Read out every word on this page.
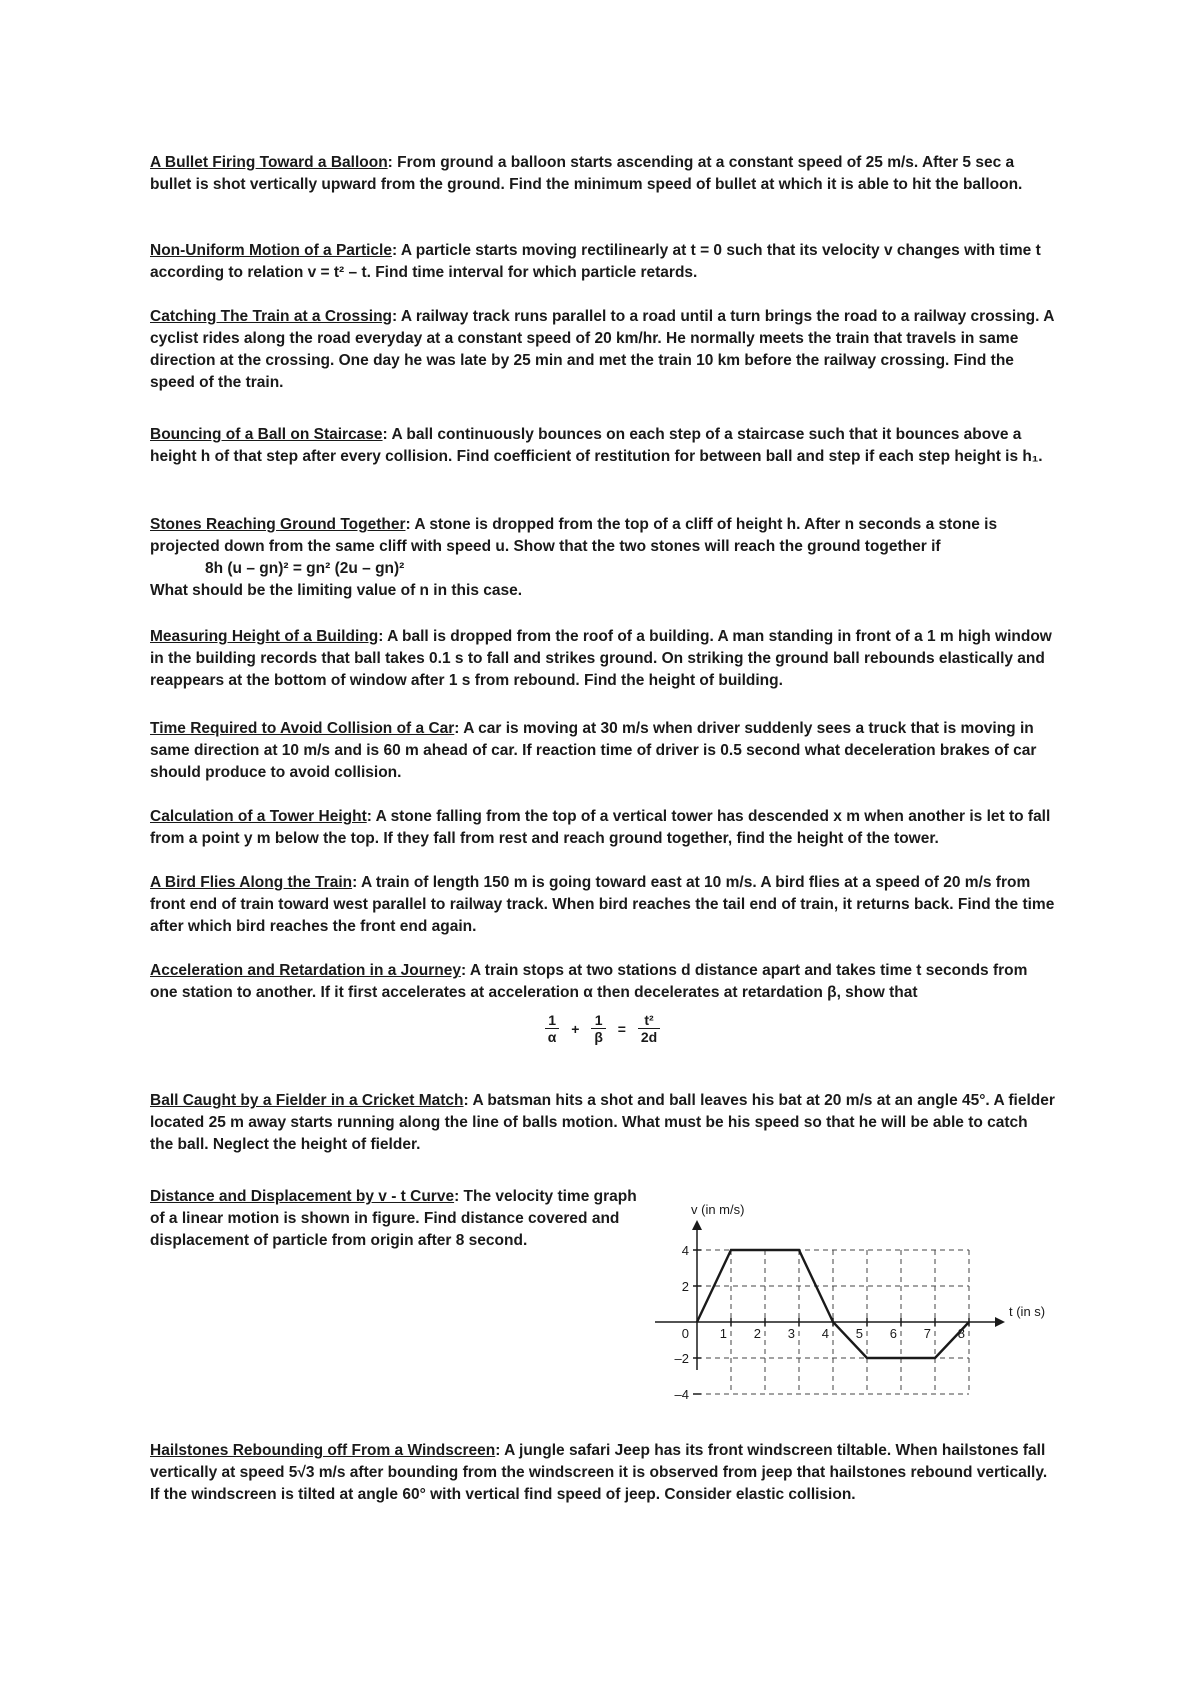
A Bullet Firing Toward a Balloon: From ground a balloon starts ascending at a constant speed of 25 m/s. After 5 sec a bullet is shot vertically upward from the ground. Find the minimum speed of bullet at which it is able to hit the balloon.
Non-Uniform Motion of a Particle: A particle starts moving rectilinearly at t = 0 such that its velocity v changes with time t according to relation v = t² – t. Find time interval for which particle retards.
Catching The Train at a Crossing: A railway track runs parallel to a road until a turn brings the road to a railway crossing. A cyclist rides along the road everyday at a constant speed of 20 km/hr. He normally meets the train that travels in same direction at the crossing. One day he was late by 25 min and met the train 10 km before the railway crossing. Find the speed of the train.
Bouncing of a Ball on Staircase: A ball continuously bounces on each step of a staircase such that it bounces above a height h of that step after every collision. Find coefficient of restitution for between ball and step if each step height is h₁.
Stones Reaching Ground Together: A stone is dropped from the top of a cliff of height h. After n seconds a stone is projected down from the same cliff with speed u. Show that the two stones will reach the ground together if
8h (u – gn)² = gn² (2u – gn)²
What should be the limiting value of n in this case.
Measuring Height of a Building: A ball is dropped from the roof of a building. A man standing in front of a 1 m high window in the building records that ball takes 0.1 s to fall and strikes ground. On striking the ground ball rebounds elastically and reappears at the bottom of window after 1 s from rebound. Find the height of building.
Time Required to Avoid Collision of a Car: A car is moving at 30 m/s when driver suddenly sees a truck that is moving in same direction at 10 m/s and is 60 m ahead of car. If reaction time of driver is 0.5 second what deceleration brakes of car should produce to avoid collision.
Calculation of a Tower Height: A stone falling from the top of a vertical tower has descended x m when another is let to fall from a point y m below the top. If they fall from rest and reach ground together, find the height of the tower.
A Bird Flies Along the Train: A train of length 150 m is going toward east at 10 m/s. A bird flies at a speed of 20 m/s from front end of train toward west parallel to railway track. When bird reaches the tail end of train, it returns back. Find the time after which bird reaches the front end again.
Acceleration and Retardation in a Journey: A train stops at two stations d distance apart and takes time t seconds from one station to another. If it first accelerates at acceleration α then decelerates at retardation β, show that
$\frac{1}{\alpha} + \frac{1}{\beta} = \frac{\text{t²}}{2d}$
Ball Caught by a Fielder in a Cricket Match: A batsman hits a shot and ball leaves his bat at 20 m/s at an angle 45°. A fielder located 25 m away starts running along the line of balls motion. What must be his speed so that he will be able to catch the ball. Neglect the height of fielder.
Distance and Displacement by v - t Curve: The velocity time graph of a linear motion is shown in figure. Find distance covered and displacement of particle from origin after 8 second.
4
2
0
–2
–4
1 2 3 4 5 6 7 8
t (in s)
v (in m/s)
Hailstones Rebounding off From a Windscreen: A jungle safari Jeep has its front windscreen tiltable. When hailstones fall vertically at speed 5√3 m/s after bounding from the windscreen it is observed from jeep that hailstones rebound vertically. If the windscreen is tilted at angle 60° with vertical find speed of jeep. Consider elastic collision.
